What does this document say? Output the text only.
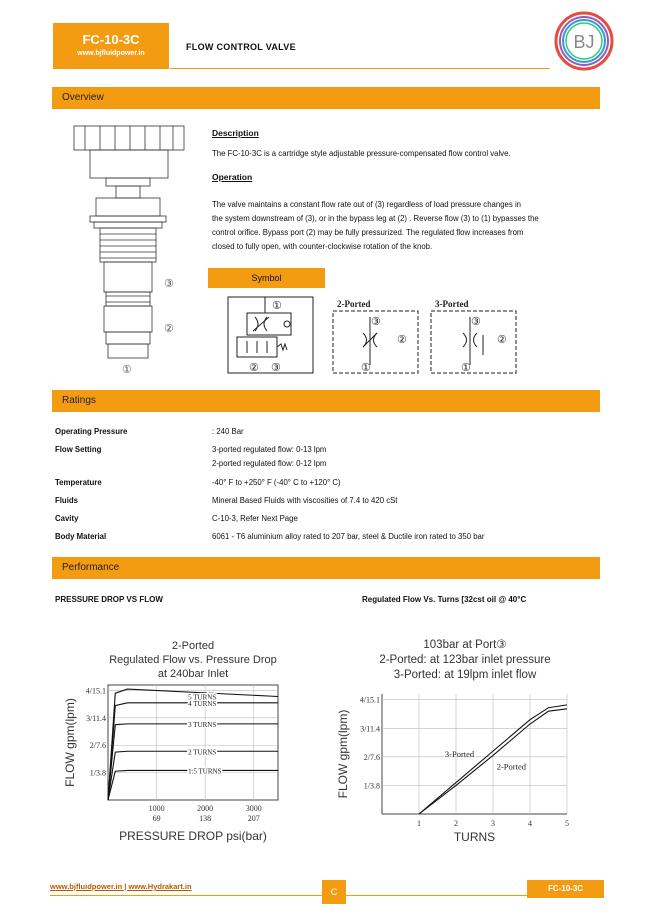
FC-10-3C
www.bjfluidpower.in
FLOW CONTROL VALVE	BJ
Overview
③
②
①
Description
The FC-10-3C is a cartridge style adjustable pressure-compensated flow control valve.
Operation
The valve maintains a constant flow rate out of (3) regardless of load pressure changes in
the system downstream of (3), or in the bypass leg at (2) . Reverse flow (3) to (1) bypasses the
control orifice. Bypass port (2) may be fully pressurized. The regulated flow increases from
closed to fully open, with counter-clockwise rotation of the knob.
Symbol
①
② ③
2-Ported
③
②
①
3-Ported
③
②
①
Ratings
Operating Pressure	: 240 Bar
Flow Setting	3-ported regulated flow: 0-13 lpm
2-ported regulated flow: 0-12 lpm
Temperature	-40° F to +250° F (-40° C to +120° C)
Fluids	Mineral Based Fluids with viscosities of 7.4 to 420 cSt
Cavity	C-10-3, Refer Next Page
Body Material	6061 - T6 aluminium alloy rated to 207 bar, steel & Ductile iron rated to 350 bar
Performance
PRESSURE DROP VS FLOW	Regulated Flow Vs. Turns [32cst oil @ 40°C
2-Ported
Regulated Flow vs. Pressure Drop
at 240bar Inlet
1/3.8
2/7.6
3/11.4
4/15.1
1000
69
2000
138
3000
207
5 TURNS
4 TURNS
3 TURNS
2 TURNS
1.5 TURNS
PRESSURE DROP psi(bar)
FLOW gpm(lpm)
103bar at Port③
2-Ported: at 123bar inlet pressure
3-Ported: at 19lpm inlet flow
1/3.8
2/7.6
3/11.4
4/15.1
1	2	3	4	5
3-Ported
2-Ported
TURNS
FLOW gpm(lpm)
www.bjfluidpower.in | www.Hydrakart.in
C	FC-10-3C
